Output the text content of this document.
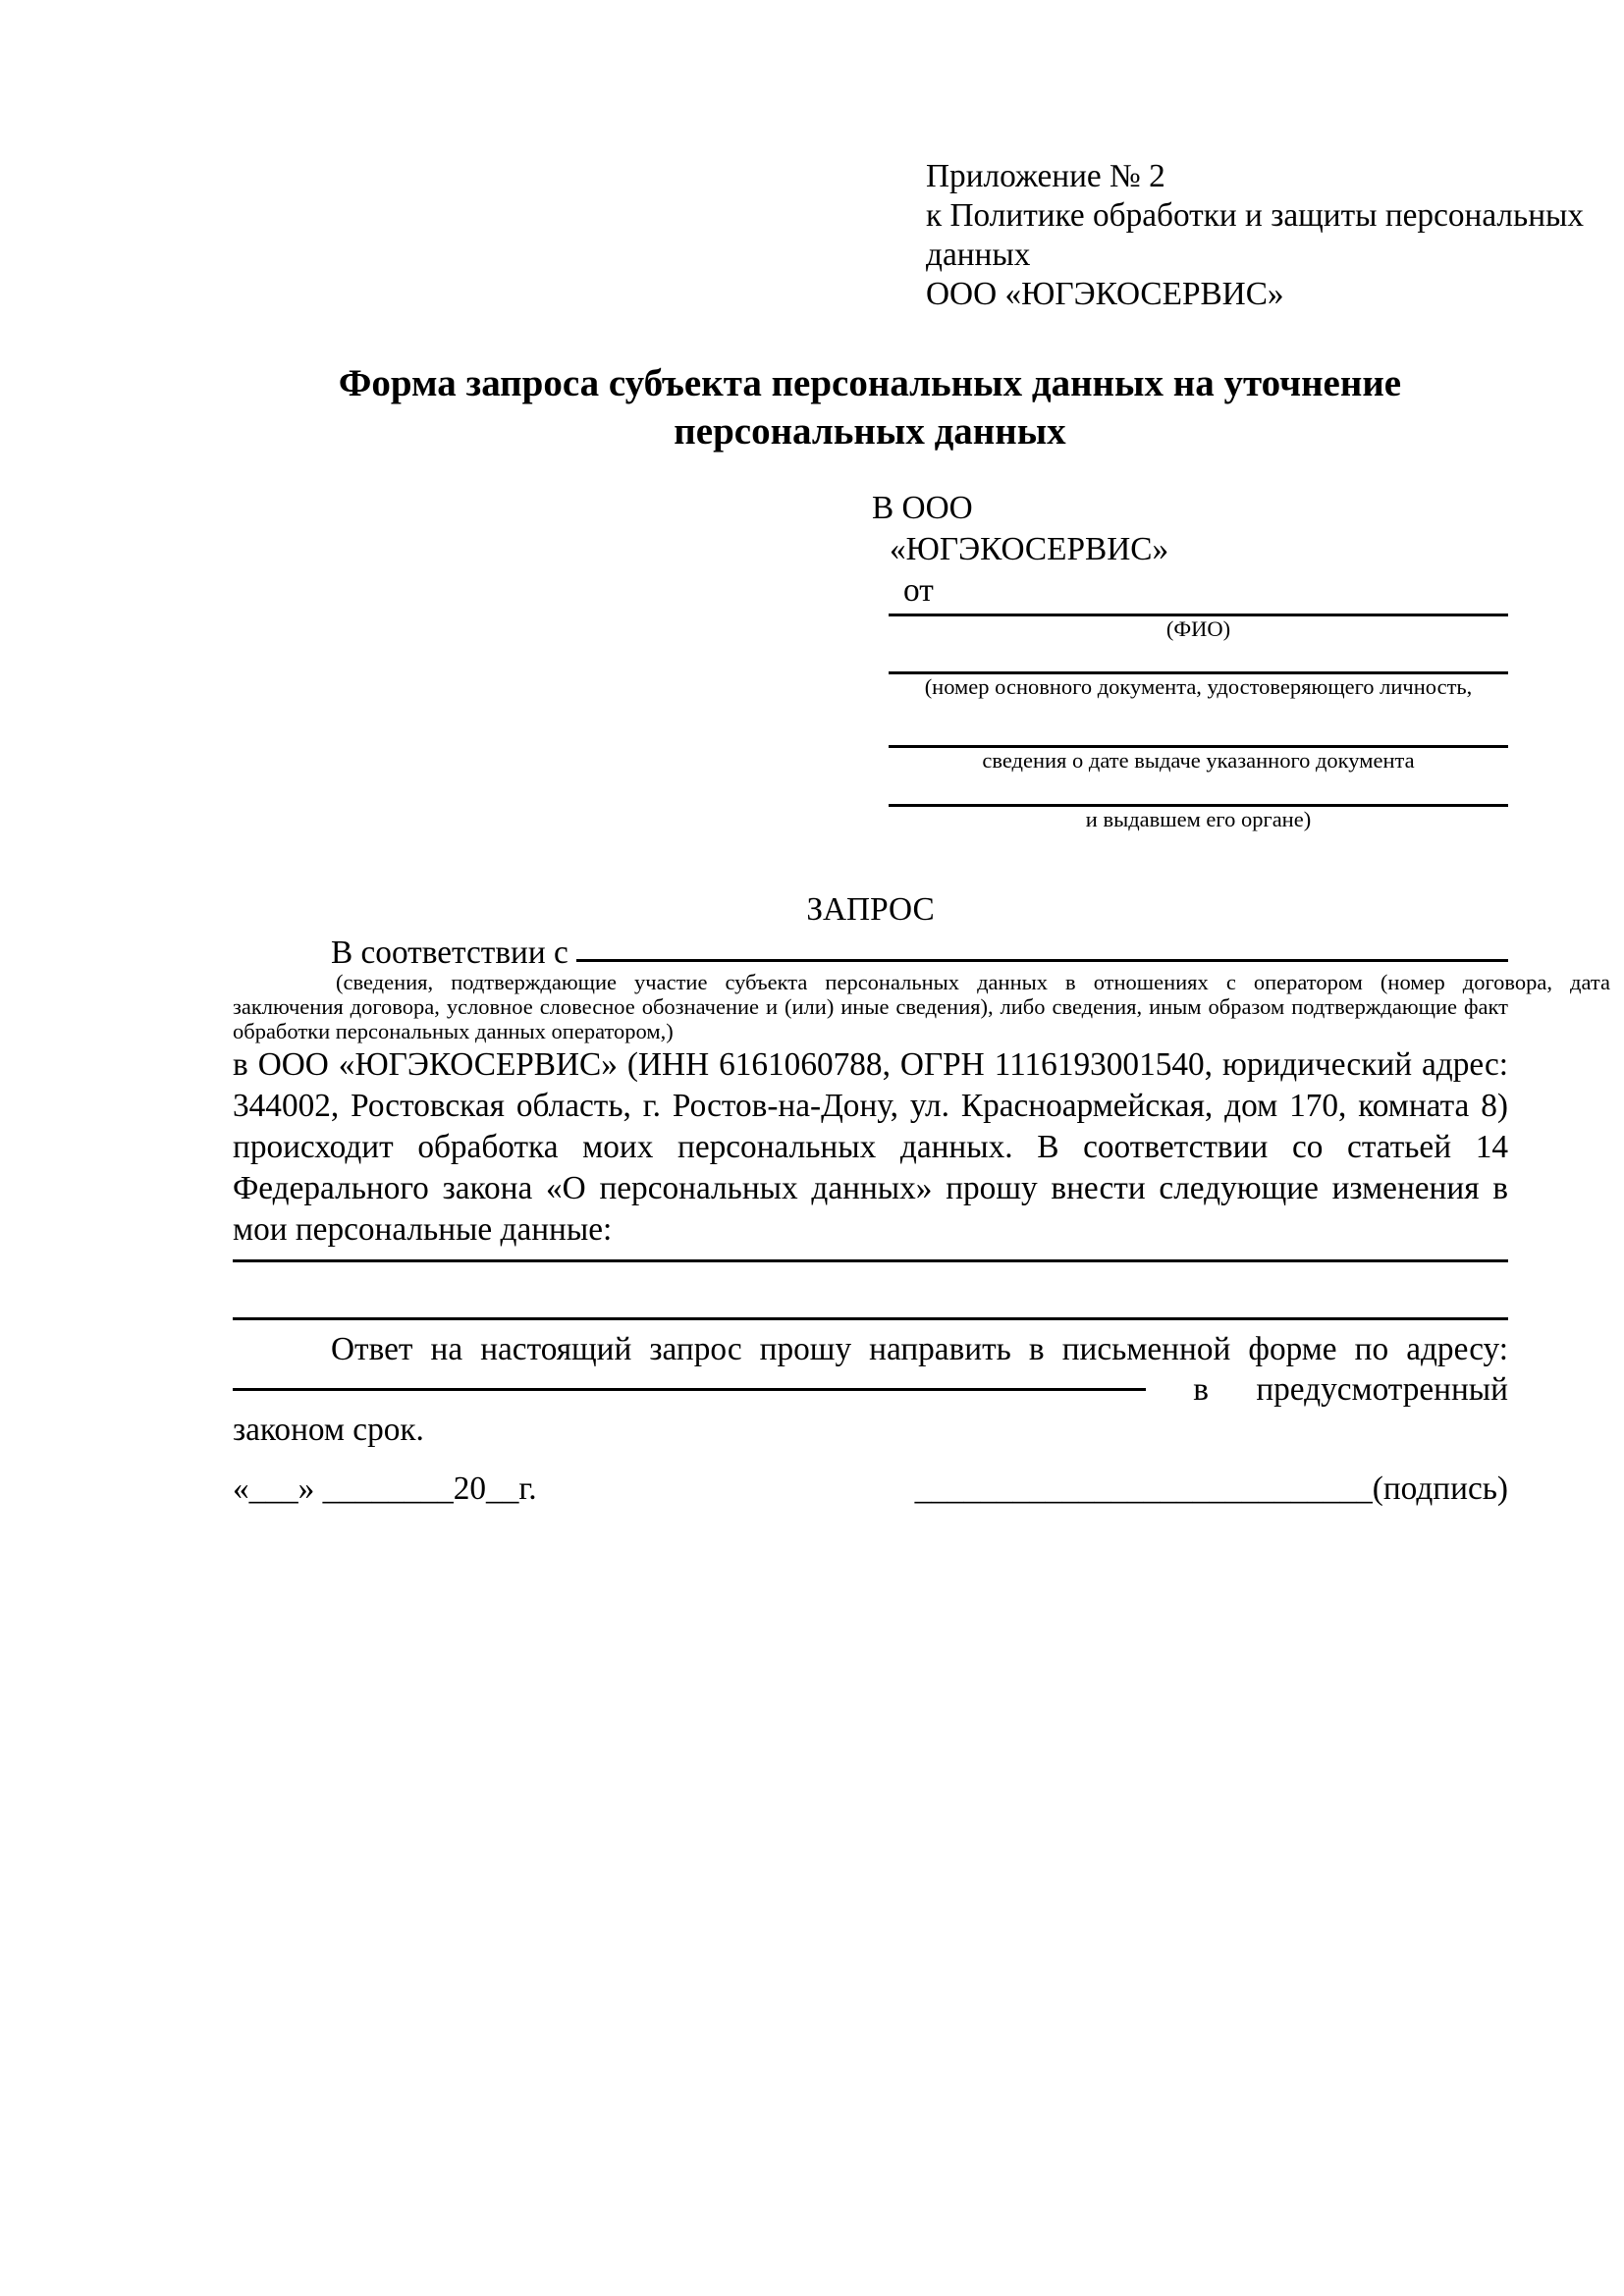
Приложение № 2
к Политике обработки и защиты персональных
данных
ООО «ЮГЭКОСЕРВИС»
Форма запроса субъекта персональных данных на уточнение персональных данных
В ООО
«ЮГЭКОСЕРВИС»
от
(ФИО)
(номер основного документа, удостоверяющего личность,
сведения о дате выдаче указанного документа
и выдавшем его органе)
ЗАПРОС
В соответствии с
(сведения, подтверждающие участие субъекта персональных данных в отношениях с оператором (номер договора, дата
заключения договора, условное словесное обозначение и (или) иные сведения), либо сведения, иным образом подтверждающие факт
обработки персональных данных оператором,)
в ООО «ЮГЭКОСЕРВИС» (ИНН 6161060788, ОГРН 1116193001540, юридический адрес: 344002, Ростовская область, г. Ростов-на-Дону, ул. Красноармейская, дом 170, комната 8) происходит обработка моих персональных данных. В соответствии со статьей 14 Федерального закона «О персональных данных» прошу внести следующие изменения в мои персональные данные:
Ответ на настоящий запрос прошу направить в письменной форме по адресу:
в предусмотренный
законом срок.
«___» ________20__г.	____________________________(подпись)
